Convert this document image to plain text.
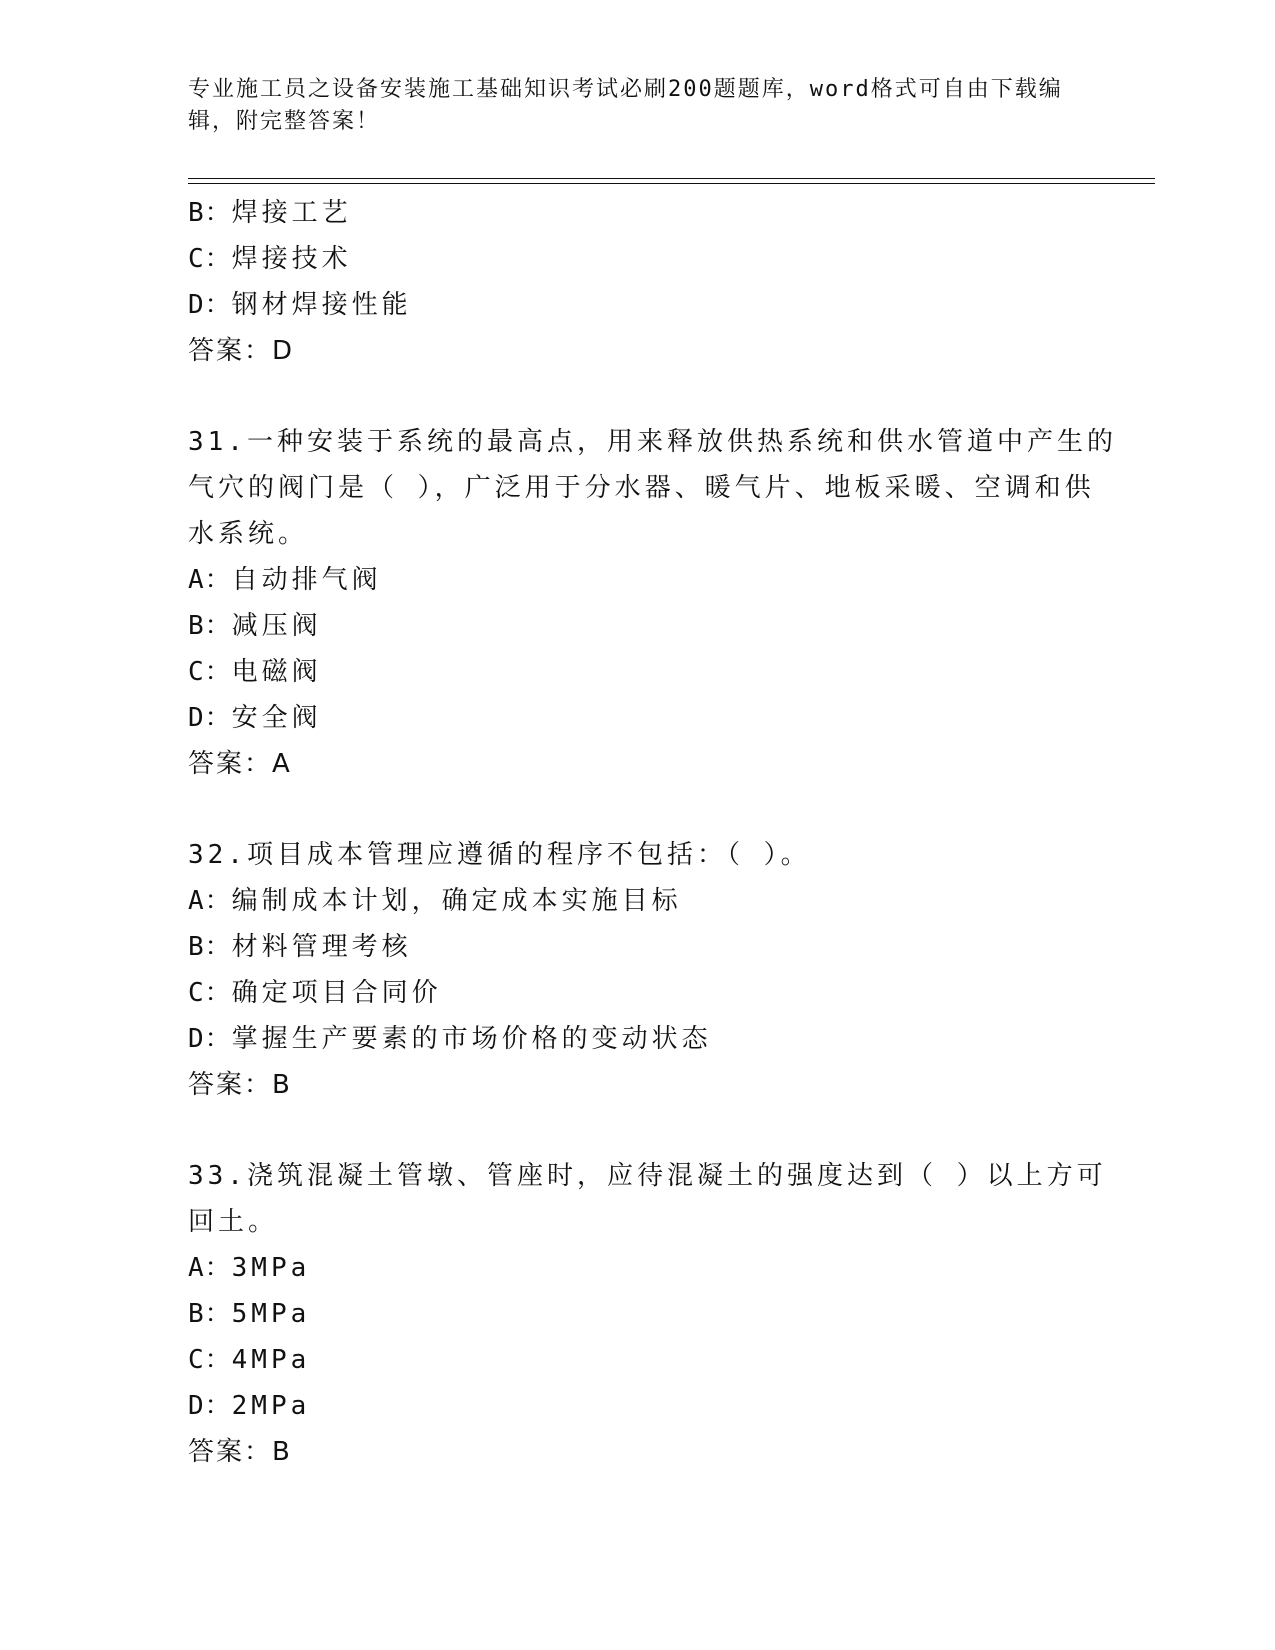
专业施工员之设备安装施工基础知识考试必刷200题题库，word格式可自由下载编辑，附完整答案！
B：焊接工艺
C：焊接技术
D：钢材焊接性能
答案：D
31.一种安装于系统的最高点，用来释放供热系统和供水管道中产生的
气穴的阀门是（ ），广泛用于分水器、暖气片、地板采暖、空调和供
水系统。
A：自动排气阀
B：减压阀
C：电磁阀
D：安全阀
答案：A
32.项目成本管理应遵循的程序不包括：（ ）。
A：编制成本计划，确定成本实施目标
B：材料管理考核
C：确定项目合同价
D：掌握生产要素的市场价格的变动状态
答案：B
33.浇筑混凝土管墩、管座时，应待混凝土的强度达到（ ）以上方可
回土。
A：3MPa
B：5MPa
C：4MPa
D：2MPa
答案：B
